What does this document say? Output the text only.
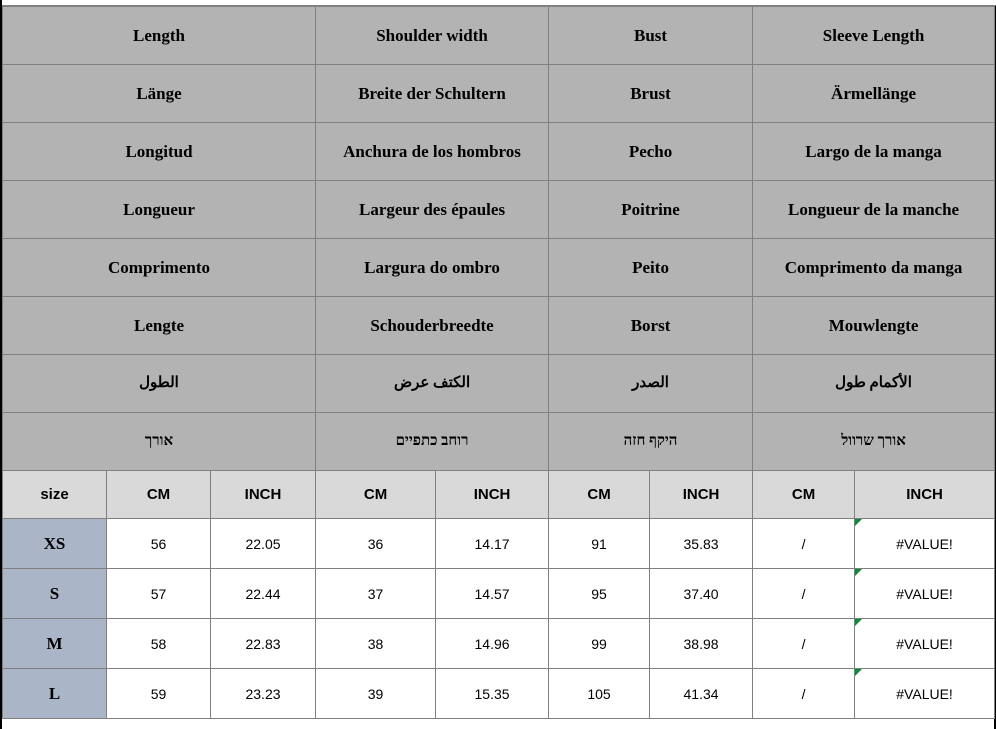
Length			Shoulder width		Bust		Sleeve Length	
Länge			Breite der Schultern		Brust		Ärmellänge	
Longitud			Anchura de los hombros		Pecho		Largo de la manga	
Longueur			Largeur des épaules		Poitrine		Longueur de la manche	
Comprimento			Largura do ombro		Peito		Comprimento da manga	
Lengte			Schouderbreedte		Borst		Mouwlengte	
الطول			الكتف عرض		الصدر		الأكمام طول	
אורך			רוחב כתפיים		היקף חזה		אורך שרוול	
size	CM	INCH	CM	INCH	CM	INCH	CM	INCH
XS	56	22.05	36	14.17	91	35.83	/	#VALUE!
S	57	22.44	37	14.57	95	37.40	/	#VALUE!
M	58	22.83	38	14.96	99	38.98	/	#VALUE!
L	59	23.23	39	15.35	105	41.34	/	#VALUE!
